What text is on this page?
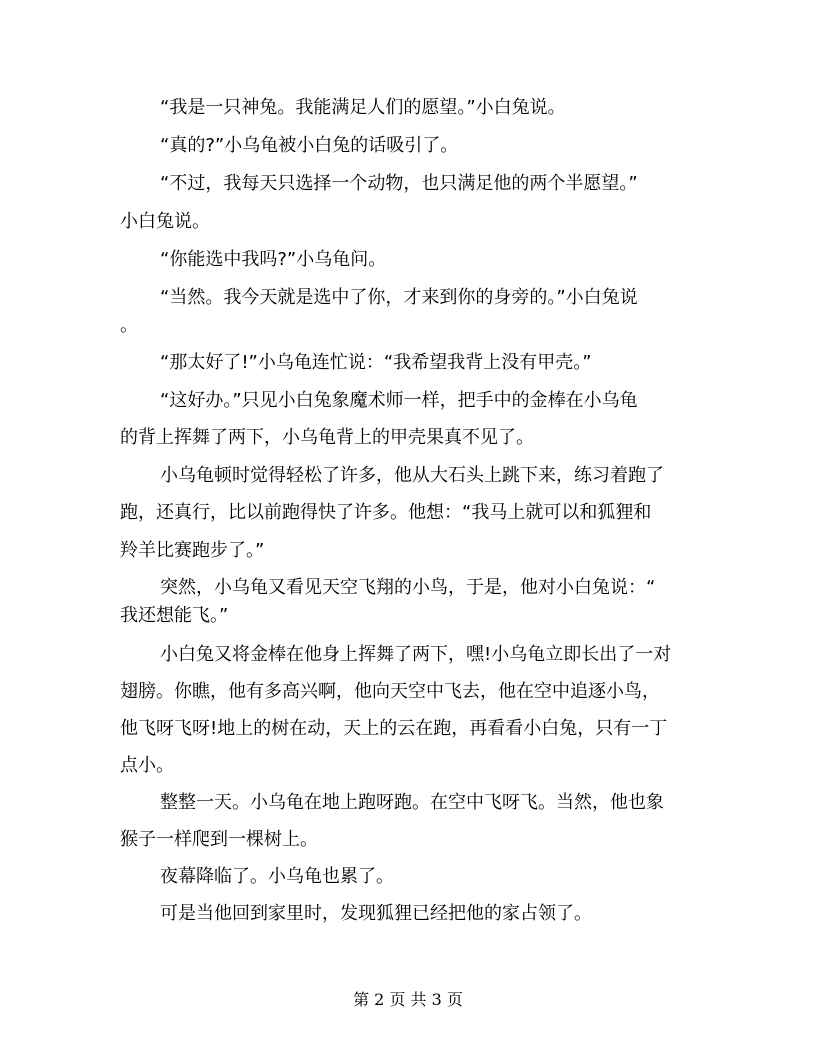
“我是一只神兔。我能满足人们的愿望。”小白兔说。
“真的?”小乌龟被小白兔的话吸引了。
“不过，我每天只选择一个动物，也只满足他的两个半愿望。”
小白兔说。
“你能选中我吗?”小乌龟问。
“当然。我今天就是选中了你，才来到你的身旁的。”小白兔说
。
“那太好了!”小乌龟连忙说：“我希望我背上没有甲壳。”
“这好办。”只见小白兔象魔术师一样，把手中的金棒在小乌龟
的背上挥舞了两下，小乌龟背上的甲壳果真不见了。
小乌龟顿时觉得轻松了许多，他从大石头上跳下来，练习着跑了
跑，还真行，比以前跑得快了许多。他想：“我马上就可以和狐狸和
羚羊比赛跑步了。”
突然，小乌龟又看见天空飞翔的小鸟，于是，他对小白兔说：“
我还想能飞。”
小白兔又将金棒在他身上挥舞了两下，嘿!小乌龟立即长出了一对
翅膀。你瞧，他有多高兴啊，他向天空中飞去，他在空中追逐小鸟，
他飞呀飞呀!地上的树在动，天上的云在跑，再看看小白兔，只有一丁
点小。
整整一天。小乌龟在地上跑呀跑。在空中飞呀飞。当然，他也象
猴子一样爬到一棵树上。
夜幕降临了。小乌龟也累了。
可是当他回到家里时，发现狐狸已经把他的家占领了。
第 2 页 共 3 页
